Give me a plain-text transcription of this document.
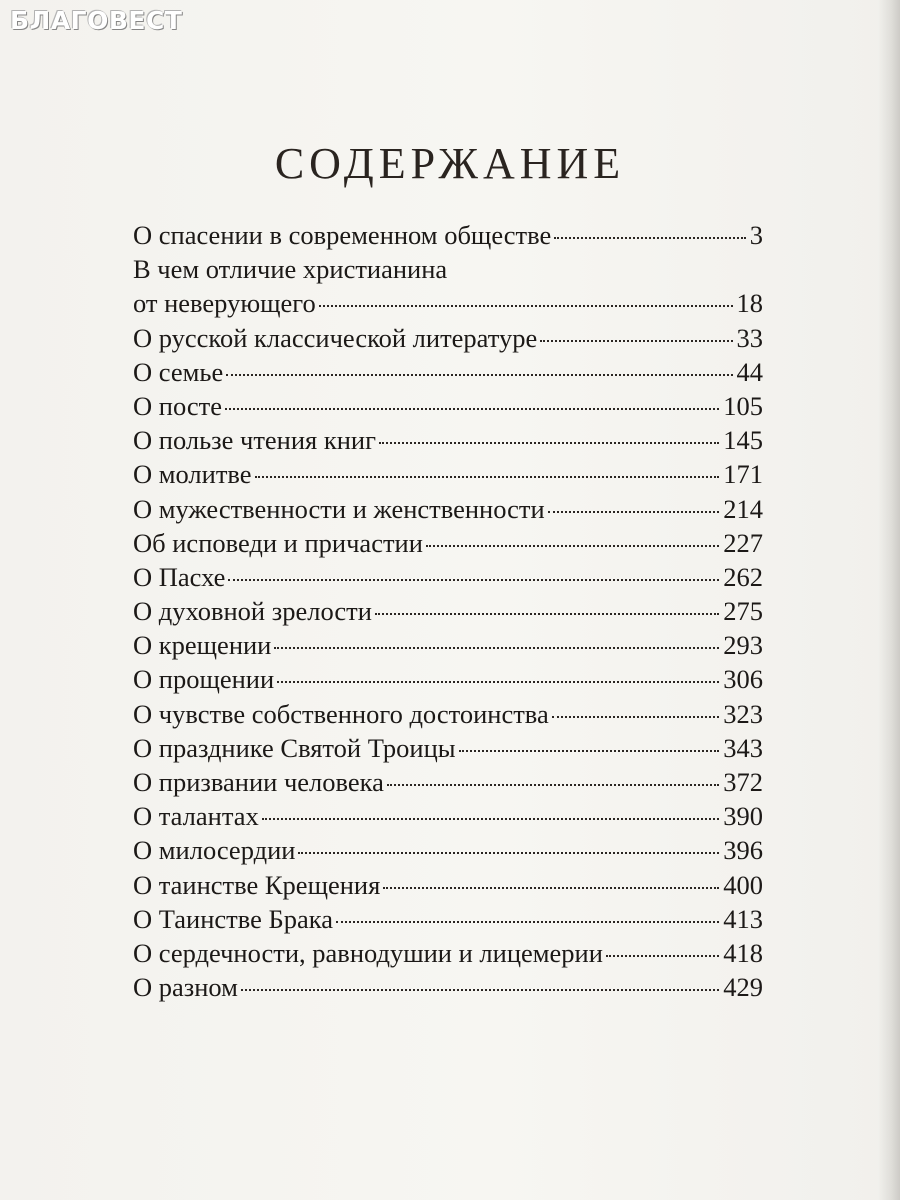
БЛАГОВЕСТ
СОДЕРЖАНИЕ
О спасении в современном обществе	3
В чем отличие христианина
от неверующего	18
О русской классической литературе	33
О семье	44
О посте	105
О пользе чтения книг	145
О молитве	171
О мужественности и женственности	214
Об исповеди и причастии	227
О Пасхе	262
О духовной зрелости	275
О крещении	293
О прощении	306
О чувстве собственного достоинства	323
О празднике Святой Троицы	343
О призвании человека	372
О талантах	390
О милосердии	396
О таинстве Крещения	400
О Таинстве Брака	413
О сердечности, равнодушии и лицемерии	418
О разном	429
